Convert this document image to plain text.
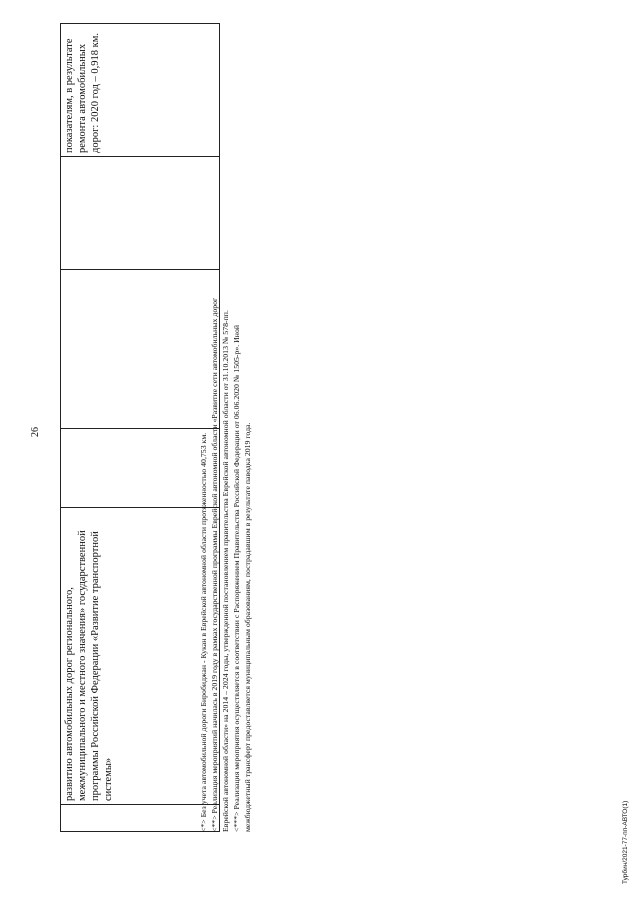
26
	развитию автомобильных дорог регионального, межмуниципального и местного значения» государственной программы Российской Федерации «Развитие транспортной системы»				показателям, в результате ремонта автомобильных дорог: 2020 год – 0,918 км.

<*> Без учета автомобильной дороги Биробиджан - Кукан в Еврейской автономной области протяженностью 40,753 км. <**> Реализация мероприятий начилась в 2019 году в рамках государственной программы Еврейской автономной области «Развитие сети автомобильных дорог Еврейской автономной области» на 2014 – 2024 годы, утвержденной постановлением правительства Еврейской автономной области от 31.10.2013 № 578-пп. <***> Реализация мероприятия осуществляется в соответствии с Распоряжением Правительства Российской Федерации от 06.06.2020 № 1505-р». Иной межбюджетный трансферт предоставляется муниципальным образованиям, пострадавшим в результате паводка 2019 года.

Турбин/2021-77-пп-АВТО(1)
